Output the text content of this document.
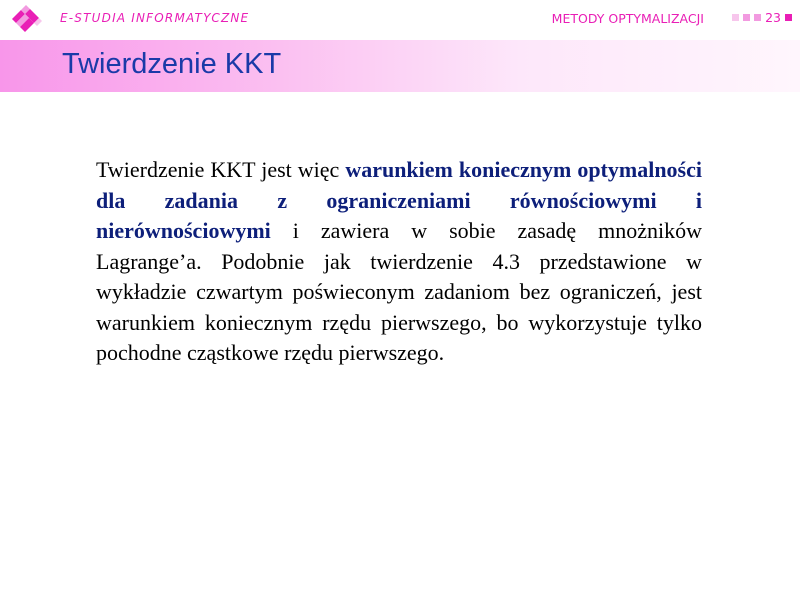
E-STUDIA INFORMATYCZNE	METODY OPTYMALIZACJI	23
Twierdzenie KKT

Twierdzenie KKT jest więc warunkiem koniecznym optymalności dla zadania z ograniczeniami równościowymi i nierównościowymi i zawiera w sobie zasadę mnożników Lagrange’a. Podobnie jak twierdzenie 4.3 przedstawione w wykładzie czwartym poświeconym zadaniom bez ograniczeń, jest warunkiem koniecznym rzędu pierwszego, bo wykorzystuje tylko pochodne cząstkowe rzędu pierwszego.
